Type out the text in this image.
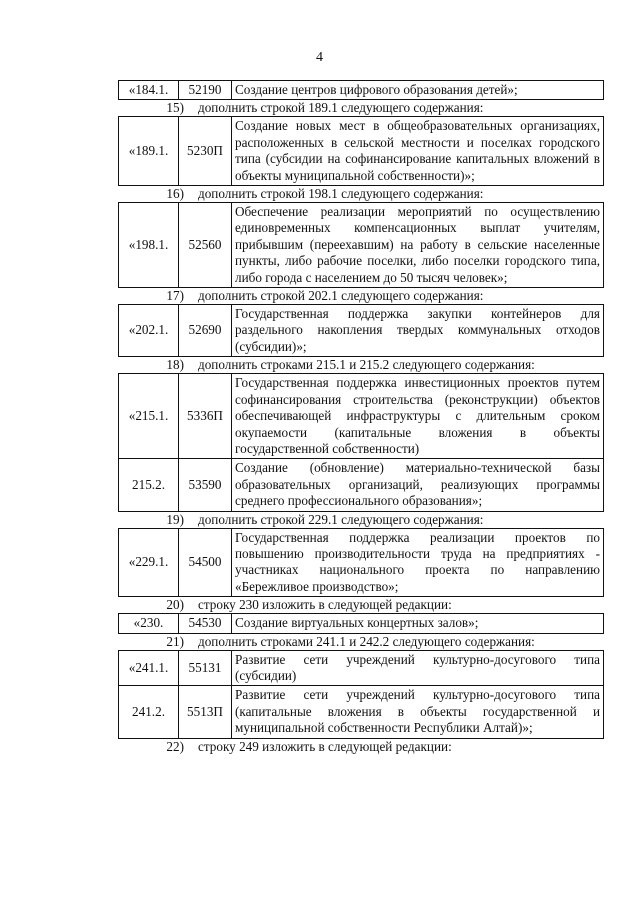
4
«184.1.	52190	Создание центров цифрового образования детей»;
15) дополнить строкой 189.1 следующего содержания:
«189.1.	5230П	Создание новых мест в общеобразовательных организациях, расположенных в сельской местности и поселках городского типа (субсидии на софинансирование капитальных вложений в объекты муниципальной собственности)»;
16) дополнить строкой 198.1 следующего содержания:
«198.1.	52560	Обеспечение реализации мероприятий по осуществлению единовременных компенсационных выплат учителям, прибывшим (переехавшим) на работу в сельские населенные пункты, либо рабочие поселки, либо поселки городского типа, либо города с населением до 50 тысяч человек»;
17) дополнить строкой 202.1 следующего содержания:
«202.1.	52690	Государственная поддержка закупки контейнеров для раздельного накопления твердых коммунальных отходов (субсидии)»;
18) дополнить строками 215.1 и 215.2 следующего содержания:
«215.1.	5336П	Государственная поддержка инвестиционных проектов путем софинансирования строительства (реконструкции) объектов обеспечивающей инфраструктуры с длительным сроком окупаемости (капитальные вложения в объекты государственной собственности)
215.2.	53590	Создание (обновление) материально-технической базы образовательных организаций, реализующих программы среднего профессионального образования»;
19) дополнить строкой 229.1 следующего содержания:
«229.1.	54500	Государственная поддержка реализации проектов по повышению производительности труда на предприятиях - участниках национального проекта по направлению «Бережливое производство»;
20) строку 230 изложить в следующей редакции:
«230.	54530	Создание виртуальных концертных залов»;
21) дополнить строками 241.1 и 242.2 следующего содержания:
«241.1.	55131	Развитие сети учреждений культурно-досугового типа (субсидии)
241.2.	5513П	Развитие сети учреждений культурно-досугового типа (капитальные вложения в объекты государственной и муниципальной собственности Республики Алтай)»;
22) строку 249 изложить в следующей редакции:
